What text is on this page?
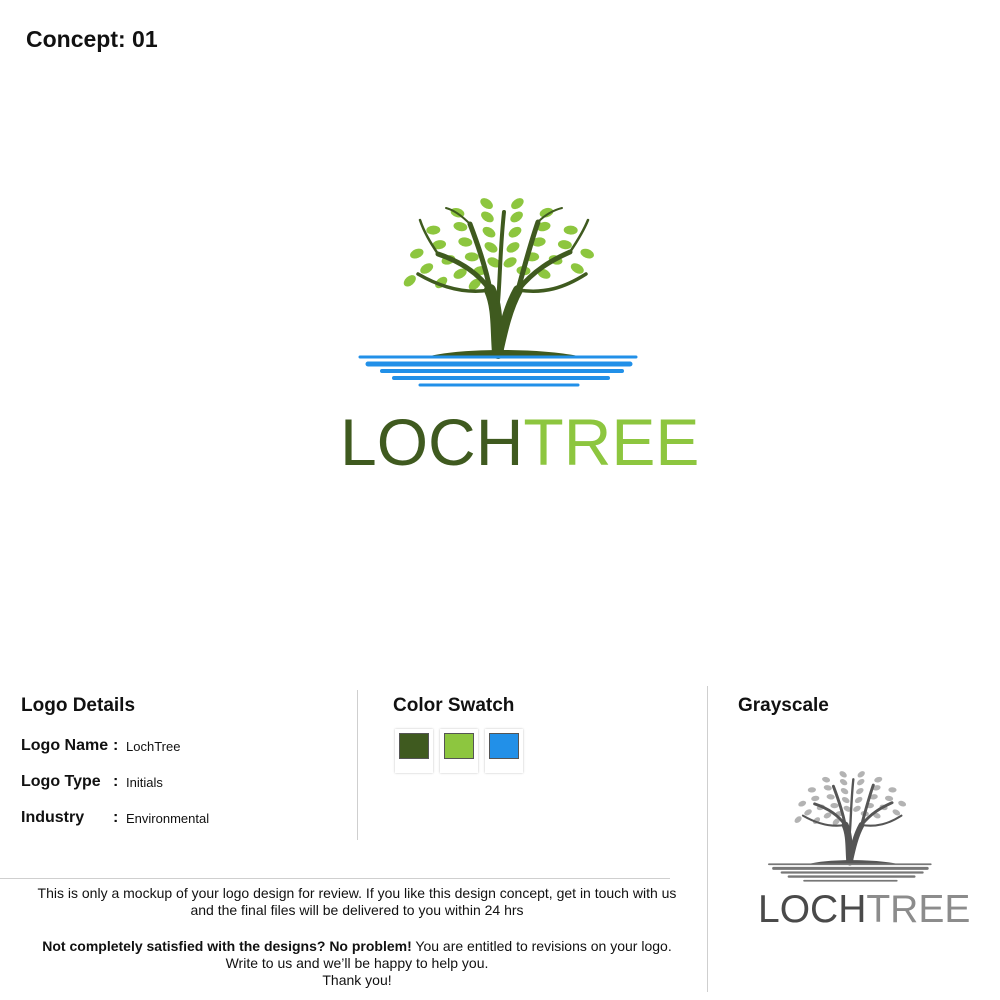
Concept: 01
LOCHTREE
Logo Details
Logo Name : LochTree
Logo Type : Initials
Industry : Environmental
Color Swatch	Grayscale
LOCHTREE
This is only a mockup of your logo design for review. If you like this design concept, get in touch with us
and the final files will be delivered to you within 24 hrs
Not completely satisfied with the designs? No problem! You are entitled to revisions on your logo.
Write to us and we’ll be happy to help you.
Thank you!
